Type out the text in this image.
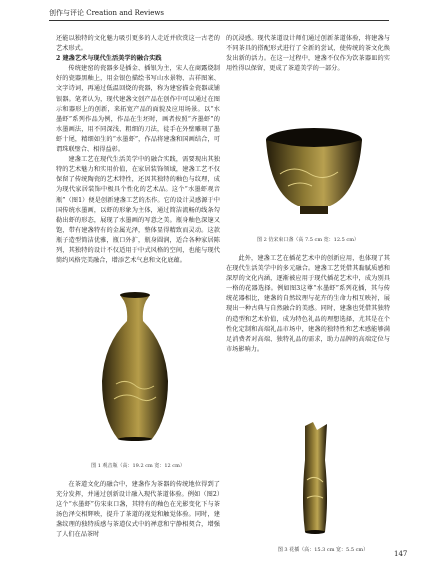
创作与评论 Creation and Reviews

还能以独特的文化魅力吸引更多的人走近并欣赏这一古老的艺术形式。

2 建盏艺术与现代生活美学的融合实践

传统建窑的瓷器多是插金、插银为主，宋人在商露烧制好的瓷器黑釉上，用金银色描绘书写山水景物、吉祥图案、文字诗词，再通过低温回烧的瓷器，称为建窑描金瓷器或铺银器。笔者认为，现代建盏文创产品在创作中可以通过在图示和器形上的创新，来拓宽产品的面貌及应用场景。以“水墨虾”系列作品为例，作品在生坯时，画者按照“齐墨虾”的水墨画法，用不同深浅、粗细的刀法，徒手在外壁雕刻了墨虾十尾，精细如生的“水墨虾”，作品将建盏和国画结合，可谓珠联璧合、相得益彰。

建盏工艺在现代生活美学中的融合实践，需要现出其独特的艺术魅力和实用价值，在家居装饰领域，建盏工艺不仅保留了传统陶瓷的艺术特性，还因其独特的釉色与纹理，成为现代家居装饰中极具个性化的艺术品。这个“水墨虾观音瓶”（图1）便是创新建盏工艺的杰作。它的设计灵感源于中国传统水墨画，以虾的形象为主体，通过简洁流畅的线条勾勒出虾的形态，展现了水墨画的写意之美。瓶身釉色深邃又饱，带有建盏特有的金属光泽，整体显得精致而灵动。这款瓶子造型简洁优雅，瓶口外扩，瓶身圆润，适合各种家居陈列，其独特的设计不仅适用于中式风格的空间，也能与现代简约风格完美融合，增添艺术气息和文化底蕴。

图 1 观音瓶（高：19.2 cm 宽：12 cm）

在茶道文化的融合中，建盏作为茶器的传统地位得到了充分发挥，并通过创新设计融入现代茶道体验。例如（图2）这个“水墨虾”仿宋束口盏，其特有的釉色在光影变化下与茶汤色泽交相辉映，提升了茶道的视觉和触觉体验。同时，建盏纹理的独特质感与茶道仪式中的禅意和宁静相契合，增强了人们在品茶时

的沉浸感。现代茶道设计师们通过创新茶道体验，将建盏与不同茶具的搭配形式进行了全新的尝试，使传统的茶文化焕发出新的活力。在这一过程中，建盏不仅作为饮茶器皿的实用性得以保留，更成了茶道美学的一部分。

图 2 仿宋束口盏（高 7.5 cm 宽：12.5 cm）

此外，建盏工艺在插花艺术中的创新应用，也体现了其在现代生活美学中的多元融合。建盏工艺凭借其黏腻质感和深厚的文化内涵，逐渐被应用于现代插花艺术中，成为别具一格的花器选择。例如图3这尊“水墨虾”系列花插，其与传统花器相比，建盏的自然纹理与花卉的生命力相互映衬，展现出一种古典与自然融合的美感。同时，建盏也凭借其独特的造型和艺术价值，成为特色礼品的理想选择，尤其是在个性化定制和高端礼品市场中，建盏的独特性和艺术感能够满足消费者对高端、独特礼品的需求，助力品牌的高端定位与市场影响力。

图 3 花插（高：15.3 cm 宽：5.5 cm）	147
